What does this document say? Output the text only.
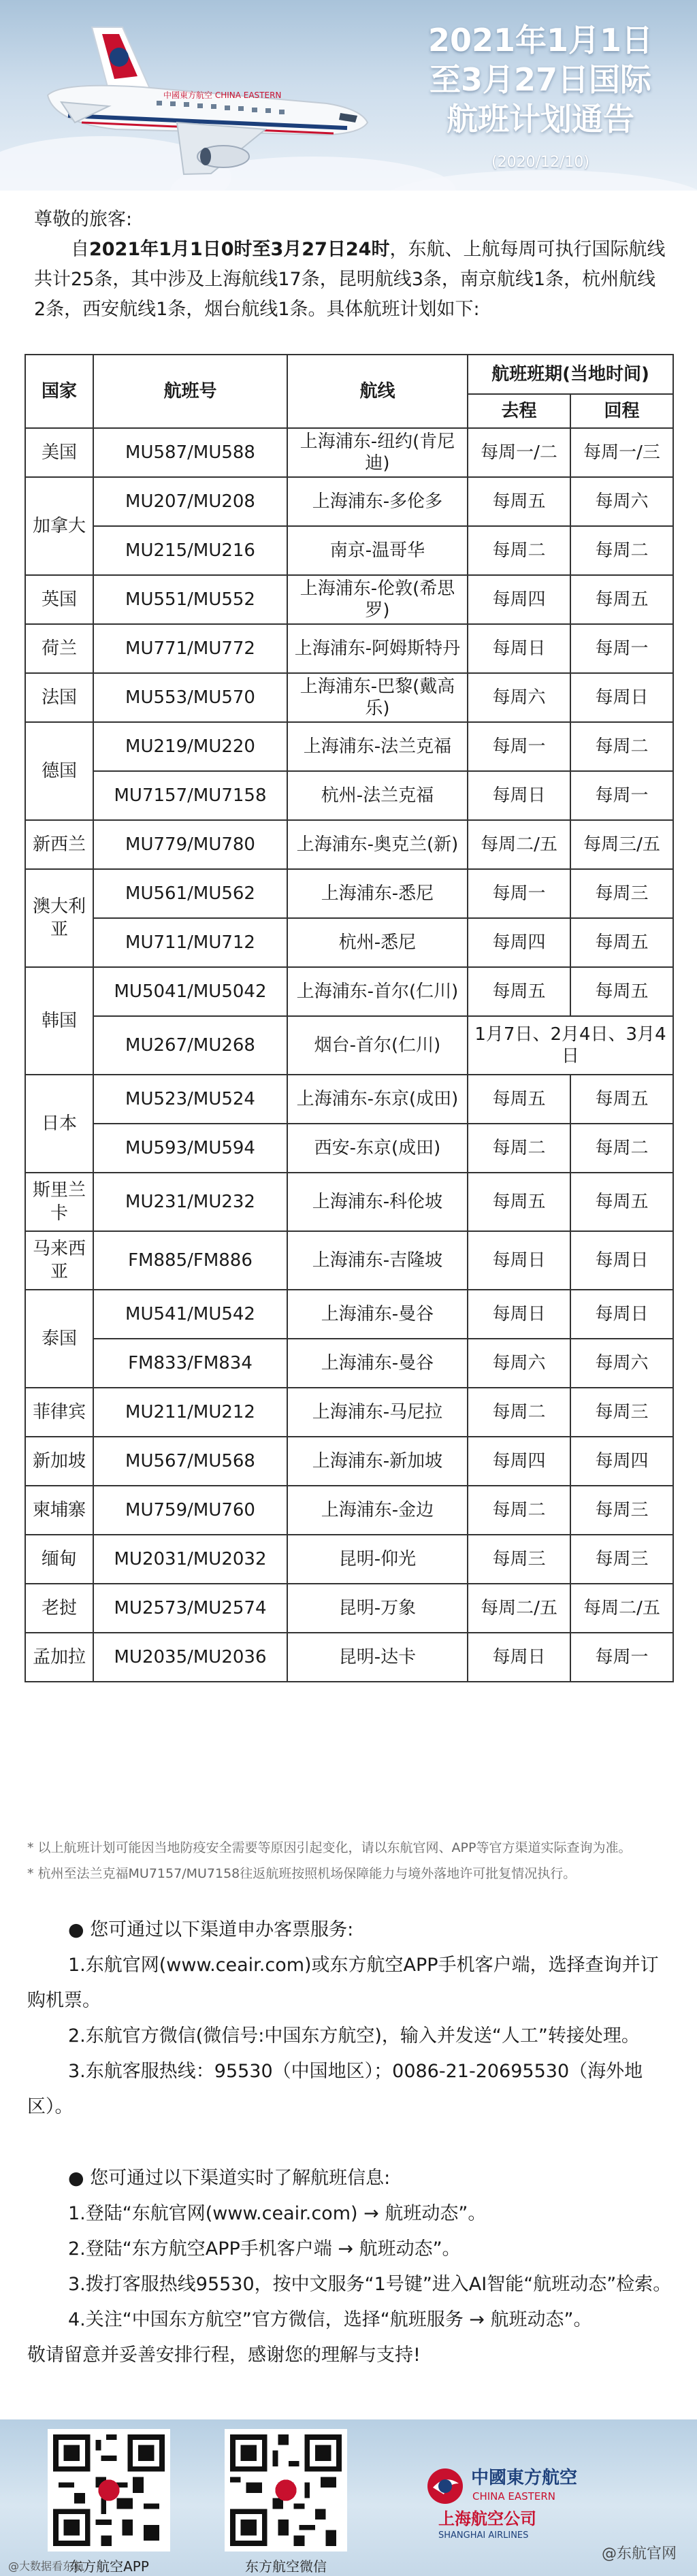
中國東方航空 CHINA EASTERN
2021年1月1日
至3月27日国际
航班计划通告
(2020/12/10)
尊敬的旅客:
自2021年1月1日0时至3月27日24时，东航、上航每周可执行国际航线共计25条，其中涉及上海航线17条，昆明航线3条，南京航线1条，杭州航线2条，西安航线1条，烟台航线1条。具体航班计划如下:
国家	航班号	航线	航班班期(当地时间)	
			去程	回程
美国	MU587/MU588	上海浦东-纽约(肯尼迪)	每周一/二	每周一/三
加拿大	MU207/MU208	上海浦东-多伦多	每周五	每周六
	MU215/MU216	南京-温哥华	每周二	每周二
英国	MU551/MU552	上海浦东-伦敦(希思罗)	每周四	每周五
荷兰	MU771/MU772	上海浦东-阿姆斯特丹	每周日	每周一
法国	MU553/MU570	上海浦东-巴黎(戴高乐)	每周六	每周日
德国	MU219/MU220	上海浦东-法兰克福	每周一	每周二
	MU7157/MU7158	杭州-法兰克福	每周日	每周一
新西兰	MU779/MU780	上海浦东-奥克兰(新)	每周二/五	每周三/五
澳大利亚	MU561/MU562	上海浦东-悉尼	每周一	每周三
	MU711/MU712	杭州-悉尼	每周四	每周五
韩国	MU5041/MU5042	上海浦东-首尔(仁川)	每周五	每周五
	MU267/MU268	烟台-首尔(仁川)	1月7日、2月4日、3月4日	
日本	MU523/MU524	上海浦东-东京(成田)	每周五	每周五
	MU593/MU594	西安-东京(成田)	每周二	每周二
斯里兰卡	MU231/MU232	上海浦东-科伦坡	每周五	每周五
马来西亚	FM885/FM886	上海浦东-吉隆坡	每周日	每周日
泰国	MU541/MU542	上海浦东-曼谷	每周日	每周日
	FM833/FM834	上海浦东-曼谷	每周六	每周六
菲律宾	MU211/MU212	上海浦东-马尼拉	每周二	每周三
新加坡	MU567/MU568	上海浦东-新加坡	每周四	每周四
柬埔寨	MU759/MU760	上海浦东-金边	每周二	每周三
缅甸	MU2031/MU2032	昆明-仰光	每周三	每周三
老挝	MU2573/MU2574	昆明-万象	每周二/五	每周二/五
孟加拉	MU2035/MU2036	昆明-达卡	每周日	每周一

* 以上航班计划可能因当地防疫安全需要等原因引起变化，请以东航官网、APP等官方渠道实际查询为准。

* 杭州至法兰克福MU7157/MU7158往返航班按照机场保障能力与境外落地许可批复情况执行。

● 您可通过以下渠道申办客票服务:

1.东航官网(www.ceair.com)或东方航空APP手机客户端，选择查询并订购机票。

2.东航官方微信(微信号:中国东方航空)，输入并发送“人工”转接处理。

3.东航客服热线：95530（中国地区）；0086-21-20695530（海外地区）。

● 您可通过以下渠道实时了解航班信息:

1.登陆“东航官网(www.ceair.com) → 航班动态”。

2.登陆“东方航空APP手机客户端 → 航班动态”。

3.拨打客服热线95530，按中文服务“1号键”进入AI智能“航班动态”检索。

4.关注“中国东方航空”官方微信，选择“航班服务 → 航班动态”。

敬请留意并妥善安排行程，感谢您的理解与支持!

东方航空APP	东方航空微信
中國東方航空
CHINA EASTERN
上海航空公司
SHANGHAI AIRLINES
@东航官网
@大数据看东航
